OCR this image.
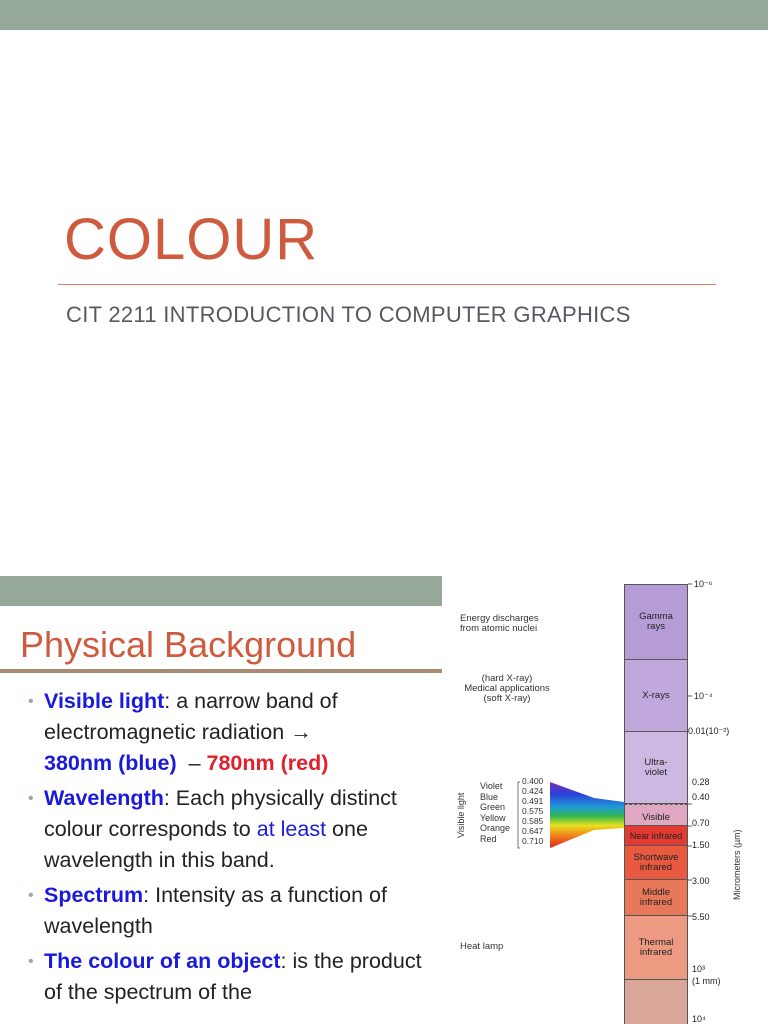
COLOUR
CIT 2211 INTRODUCTION TO COMPUTER GRAPHICS
Physical Background
• Visible light: a narrow band of electromagnetic radiation →
380nm (blue)  – 780nm (red)
• Wavelength: Each physically distinct colour corresponds to at least one wavelength in this band.
• Spectrum: Intensity as a function of wavelength
• The colour of an object: is the product of the spectrum of the
Gamma
rays
X-rays
Ultra-
violet
Visible
Near infrared
Shortwave
infrared
Middle
infrared
Thermal
infrared
Energy discharges
from atomic nuclei
(hard X-ray)
Medical applications
(soft X-ray)
Heat lamp
Visible light
Violet
Blue
Green
Yellow
Orange
Red
0.400
0.424
0.491
0.575
0.585
0.647
0.710
10⁻⁶
10⁻⁴
0.01(10⁻²)
0.28
0.40
0.70
1.50
3.00
5.50
10³
(1 mm)
10⁴
Micrometers (µm)
